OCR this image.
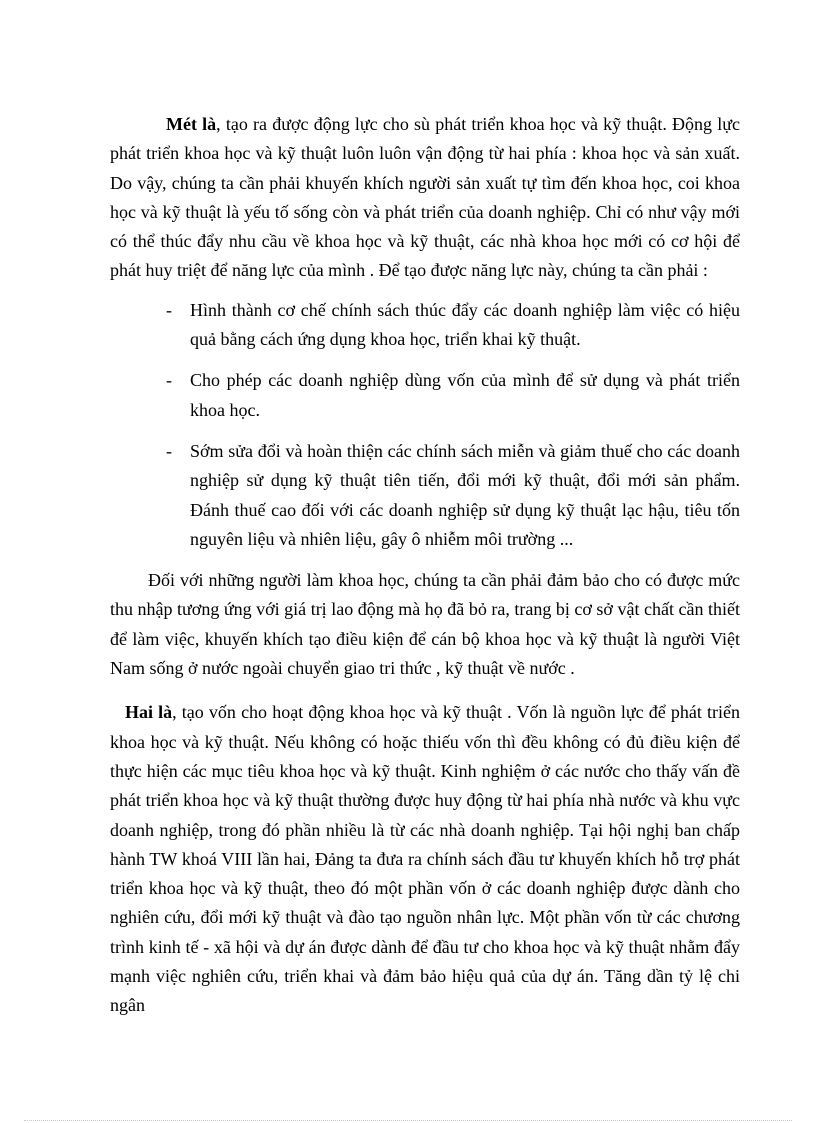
Mét là, tạo ra được động lực cho sù phát triển khoa học và kỹ thuật. Động lực phát triển khoa học và kỹ thuật luôn luôn vận động từ hai phía : khoa học và sản xuất. Do vậy, chúng ta cần phải khuyến khích người sản xuất tự tìm đến khoa học, coi khoa học và kỹ thuật là yếu tố sống còn và phát triển của doanh nghiệp. Chỉ có như vậy mới có thể thúc đẩy nhu cầu về khoa học và kỹ thuật, các nhà khoa học mới có cơ hội để phát huy triệt để năng lực của mình . Để tạo được năng lực này, chúng ta cần phải :

- Hình thành cơ chế chính sách thúc đẩy các doanh nghiệp làm việc có hiệu quả bằng cách ứng dụng khoa học, triển khai kỹ thuật.
- Cho phép các doanh nghiệp dùng vốn của mình để sử dụng và phát triển khoa học.
- Sớm sửa đổi và hoàn thiện các chính sách miễn và giảm thuế cho các doanh nghiệp sử dụng kỹ thuật tiên tiến, đổi mới kỹ thuật, đổi mới sản phẩm. Đánh thuế cao đối với các doanh nghiệp sử dụng kỹ thuật lạc hậu, tiêu tốn nguyên liệu và nhiên liệu, gây ô nhiễm môi trường ...

Đối với những người làm khoa học, chúng ta cần phải đảm bảo cho có được mức thu nhập tương ứng với giá trị lao động mà họ đã bỏ ra, trang bị cơ sở vật chất cần thiết để làm việc, khuyến khích tạo điều kiện để cán bộ khoa học và kỹ thuật là người Việt Nam sống ở nước ngoài chuyển giao tri thức , kỹ thuật về nước .

Hai là, tạo vốn cho hoạt động khoa học và kỹ thuật . Vốn là nguồn lực để phát triển khoa học và kỹ thuật. Nếu không có hoặc thiếu vốn thì đều không có đủ điều kiện để thực hiện các mục tiêu khoa học và kỹ thuật. Kinh nghiệm ở các nước cho thấy vấn đề phát triển khoa học và kỹ thuật thường được huy động từ hai phía nhà nước và khu vực doanh nghiệp, trong đó phần nhiều là từ các nhà doanh nghiệp. Tại hội nghị ban chấp hành TW khoá VIII lần hai, Đảng ta đưa ra chính sách đầu tư khuyến khích hỗ trợ phát triển khoa học và kỹ thuật, theo đó một phần vốn ở các doanh nghiệp được dành cho nghiên cứu, đổi mới kỹ thuật và đào tạo nguồn nhân lực. Một phần vốn từ các chương trình kinh tế - xã hội và dự án được dành để đầu tư cho khoa học và kỹ thuật nhằm đẩy mạnh việc nghiên cứu, triển khai và đảm bảo hiệu quả của dự án. Tăng dần tỷ lệ chi ngân
